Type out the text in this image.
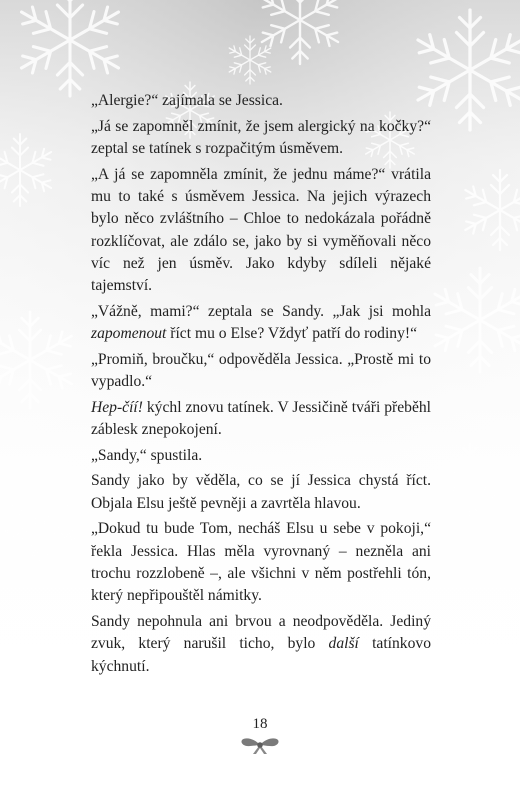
„Alergie?“ zajímala se Jessica.

„Já se zapomněl zmínit, že jsem alergický na kočky?“ zeptal se tatínek s rozpačitým úsměvem.

„A já se zapomněla zmínit, že jednu máme?“ vrátila mu to také s úsměvem Jessica. Na jejich výrazech bylo něco zvláštního – Chloe to nedokázala pořádně rozklíčovat, ale zdálo se, jako by si vyměňovali něco víc než jen úsměv. Jako kdyby sdíleli nějaké tajemství.

„Vážně, mami?“ zeptala se Sandy. „Jak jsi mohla zapomenout říct mu o Else? Vždyť patří do rodiny!“

„Promiň, broučku,“ odpověděla Jessica. „Prostě mi to vypadlo.“

Hep-číí! kýchl znovu tatínek. V Jessičině tváři přeběhl záblesk znepokojení.

„Sandy,“ spustila.

Sandy jako by věděla, co se jí Jessica chystá říct. Objala Elsu ještě pevněji a zavrtěla hlavou.

„Dokud tu bude Tom, necháš Elsu u sebe v pokoji,“ řekla Jessica. Hlas měla vyrovnaný – nezněla ani trochu rozzlobeně –, ale všichni v něm postřehli tón, který nepřipouštěl námitky.

Sandy nepohnula ani brvou a neodpověděla. Jediný zvuk, který narušil ticho, bylo další tatínkovo kýchnutí.

18
